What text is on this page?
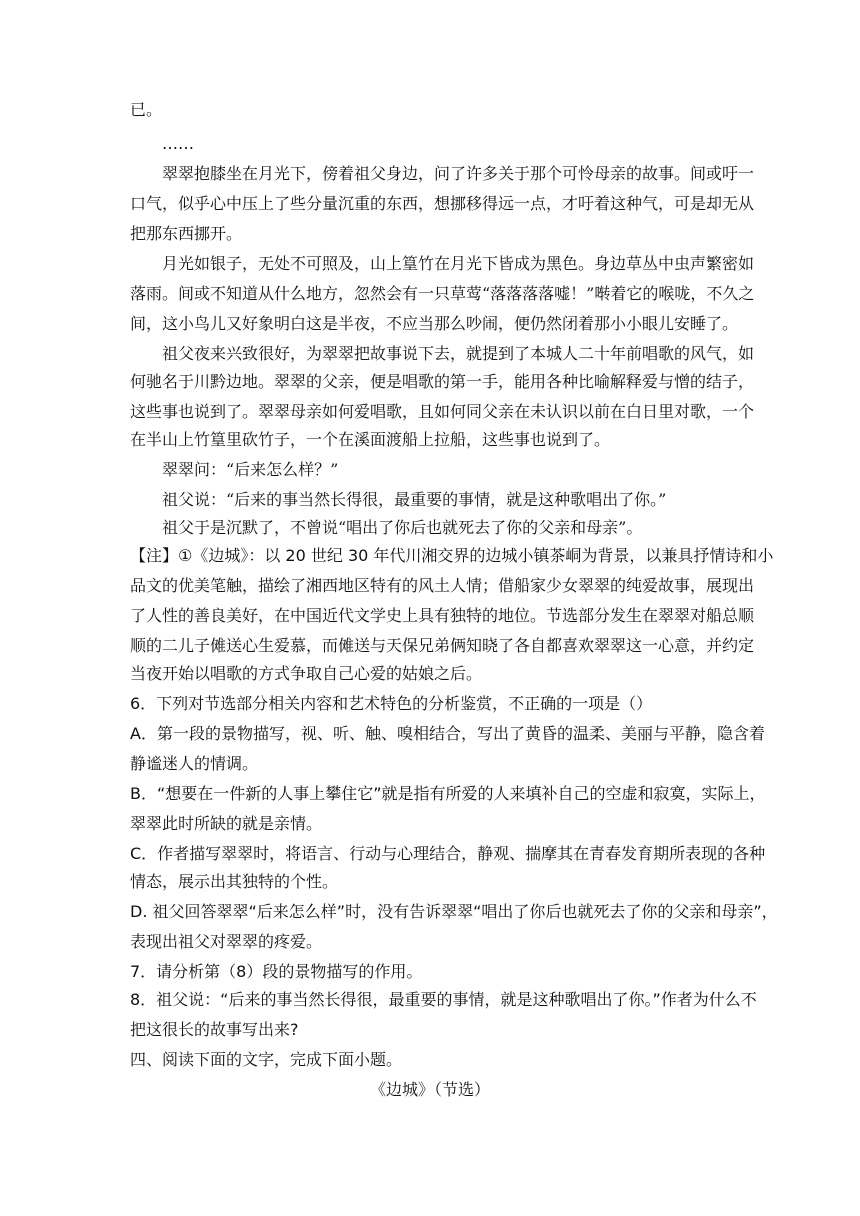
已。
……
翠翠抱膝坐在月光下，傍着祖父身边，问了许多关于那个可怜母亲的故事。间或吁一
口气，似乎心中压上了些分量沉重的东西，想挪移得远一点，才吁着这种气，可是却无从
把那东西挪开。
月光如银子，无处不可照及，山上篁竹在月光下皆成为黑色。身边草丛中虫声繁密如
落雨。间或不知道从什么地方，忽然会有一只草莺“落落落落嘘！”啭着它的喉咙，不久之
间，这小鸟儿又好象明白这是半夜，不应当那么吵闹，便仍然闭着那小小眼儿安睡了。
祖父夜来兴致很好，为翠翠把故事说下去，就提到了本城人二十年前唱歌的风气，如
何驰名于川黔边地。翠翠的父亲，便是唱歌的第一手，能用各种比喻解释爱与憎的结子，
这些事也说到了。翠翠母亲如何爱唱歌，且如何同父亲在未认识以前在白日里对歌，一个
在半山上竹篁里砍竹子，一个在溪面渡船上拉船，这些事也说到了。
翠翠问：“后来怎么样？”
祖父说：“后来的事当然长得很，最重要的事情，就是这种歌唱出了你。”
祖父于是沉默了，不曾说“唱出了你后也就死去了你的父亲和母亲”。
【注】①《边城》：以 20 世纪 30 年代川湘交界的边城小镇茶峒为背景，以兼具抒情诗和小
品文的优美笔触，描绘了湘西地区特有的风土人情；借船家少女翠翠的纯爱故事，展现出
了人性的善良美好，在中国近代文学史上具有独特的地位。节选部分发生在翠翠对船总顺
顺的二儿子傩送心生爱慕，而傩送与天保兄弟俩知晓了各自都喜欢翠翠这一心意，并约定
当夜开始以唱歌的方式争取自己心爱的姑娘之后。
6．下列对节选部分相关内容和艺术特色的分析鉴赏，不正确的一项是（）
A．第一段的景物描写，视、听、触、嗅相结合，写出了黄昏的温柔、美丽与平静，隐含着
静谧迷人的情调。
B．“想要在一件新的人事上攀住它”就是指有所爱的人来填补自己的空虚和寂寞，实际上，
翠翠此时所缺的就是亲情。
C．作者描写翠翠时，将语言、行动与心理结合，静观、揣摩其在青春发育期所表现的各种
情态，展示出其独特的个性。
D. 祖父回答翠翠“后来怎么样”时，没有告诉翠翠“唱出了你后也就死去了你的父亲和母亲”，
表现出祖父对翠翠的疼爱。
7．请分析第（8）段的景物描写的作用。
8．祖父说：“后来的事当然长得很，最重要的事情，就是这种歌唱出了你。”作者为什么不
把这很长的故事写出来?
四、阅读下面的文字，完成下面小题。
《边城》（节选）
